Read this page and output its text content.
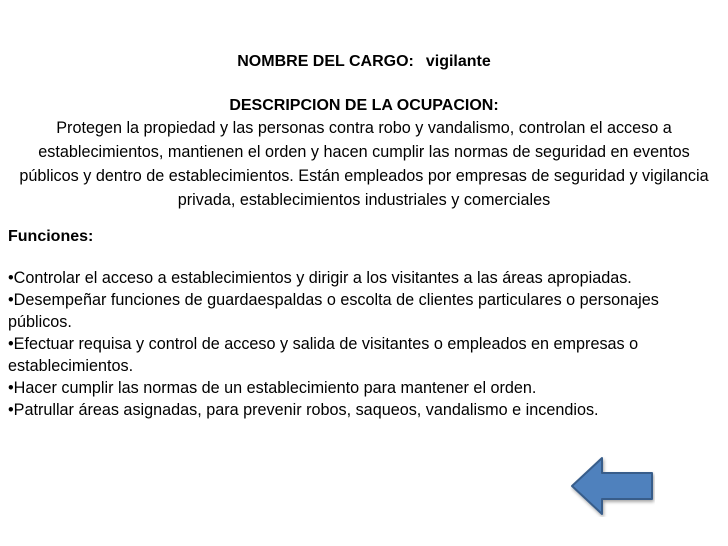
NOMBRE DEL CARGO: vigilante
DESCRIPCION DE LA OCUPACION:
Protegen la propiedad y las personas contra robo y vandalismo, controlan el acceso a establecimientos, mantienen el orden y hacen cumplir las normas de seguridad en eventos públicos y dentro de establecimientos. Están empleados por empresas de seguridad y vigilancia privada, establecimientos industriales y comerciales
Funciones:
• Controlar el acceso a establecimientos y dirigir a los visitantes a las áreas apropiadas.
• Desempeñar funciones de guardaespaldas o escolta de clientes particulares o personajes públicos.
• Efectuar requisa y control de acceso y salida de visitantes o empleados en empresas o establecimientos.
• Hacer cumplir las normas de un establecimiento para mantener el orden.
• Patrullar áreas asignadas, para prevenir robos, saqueos, vandalismo e incendios.
